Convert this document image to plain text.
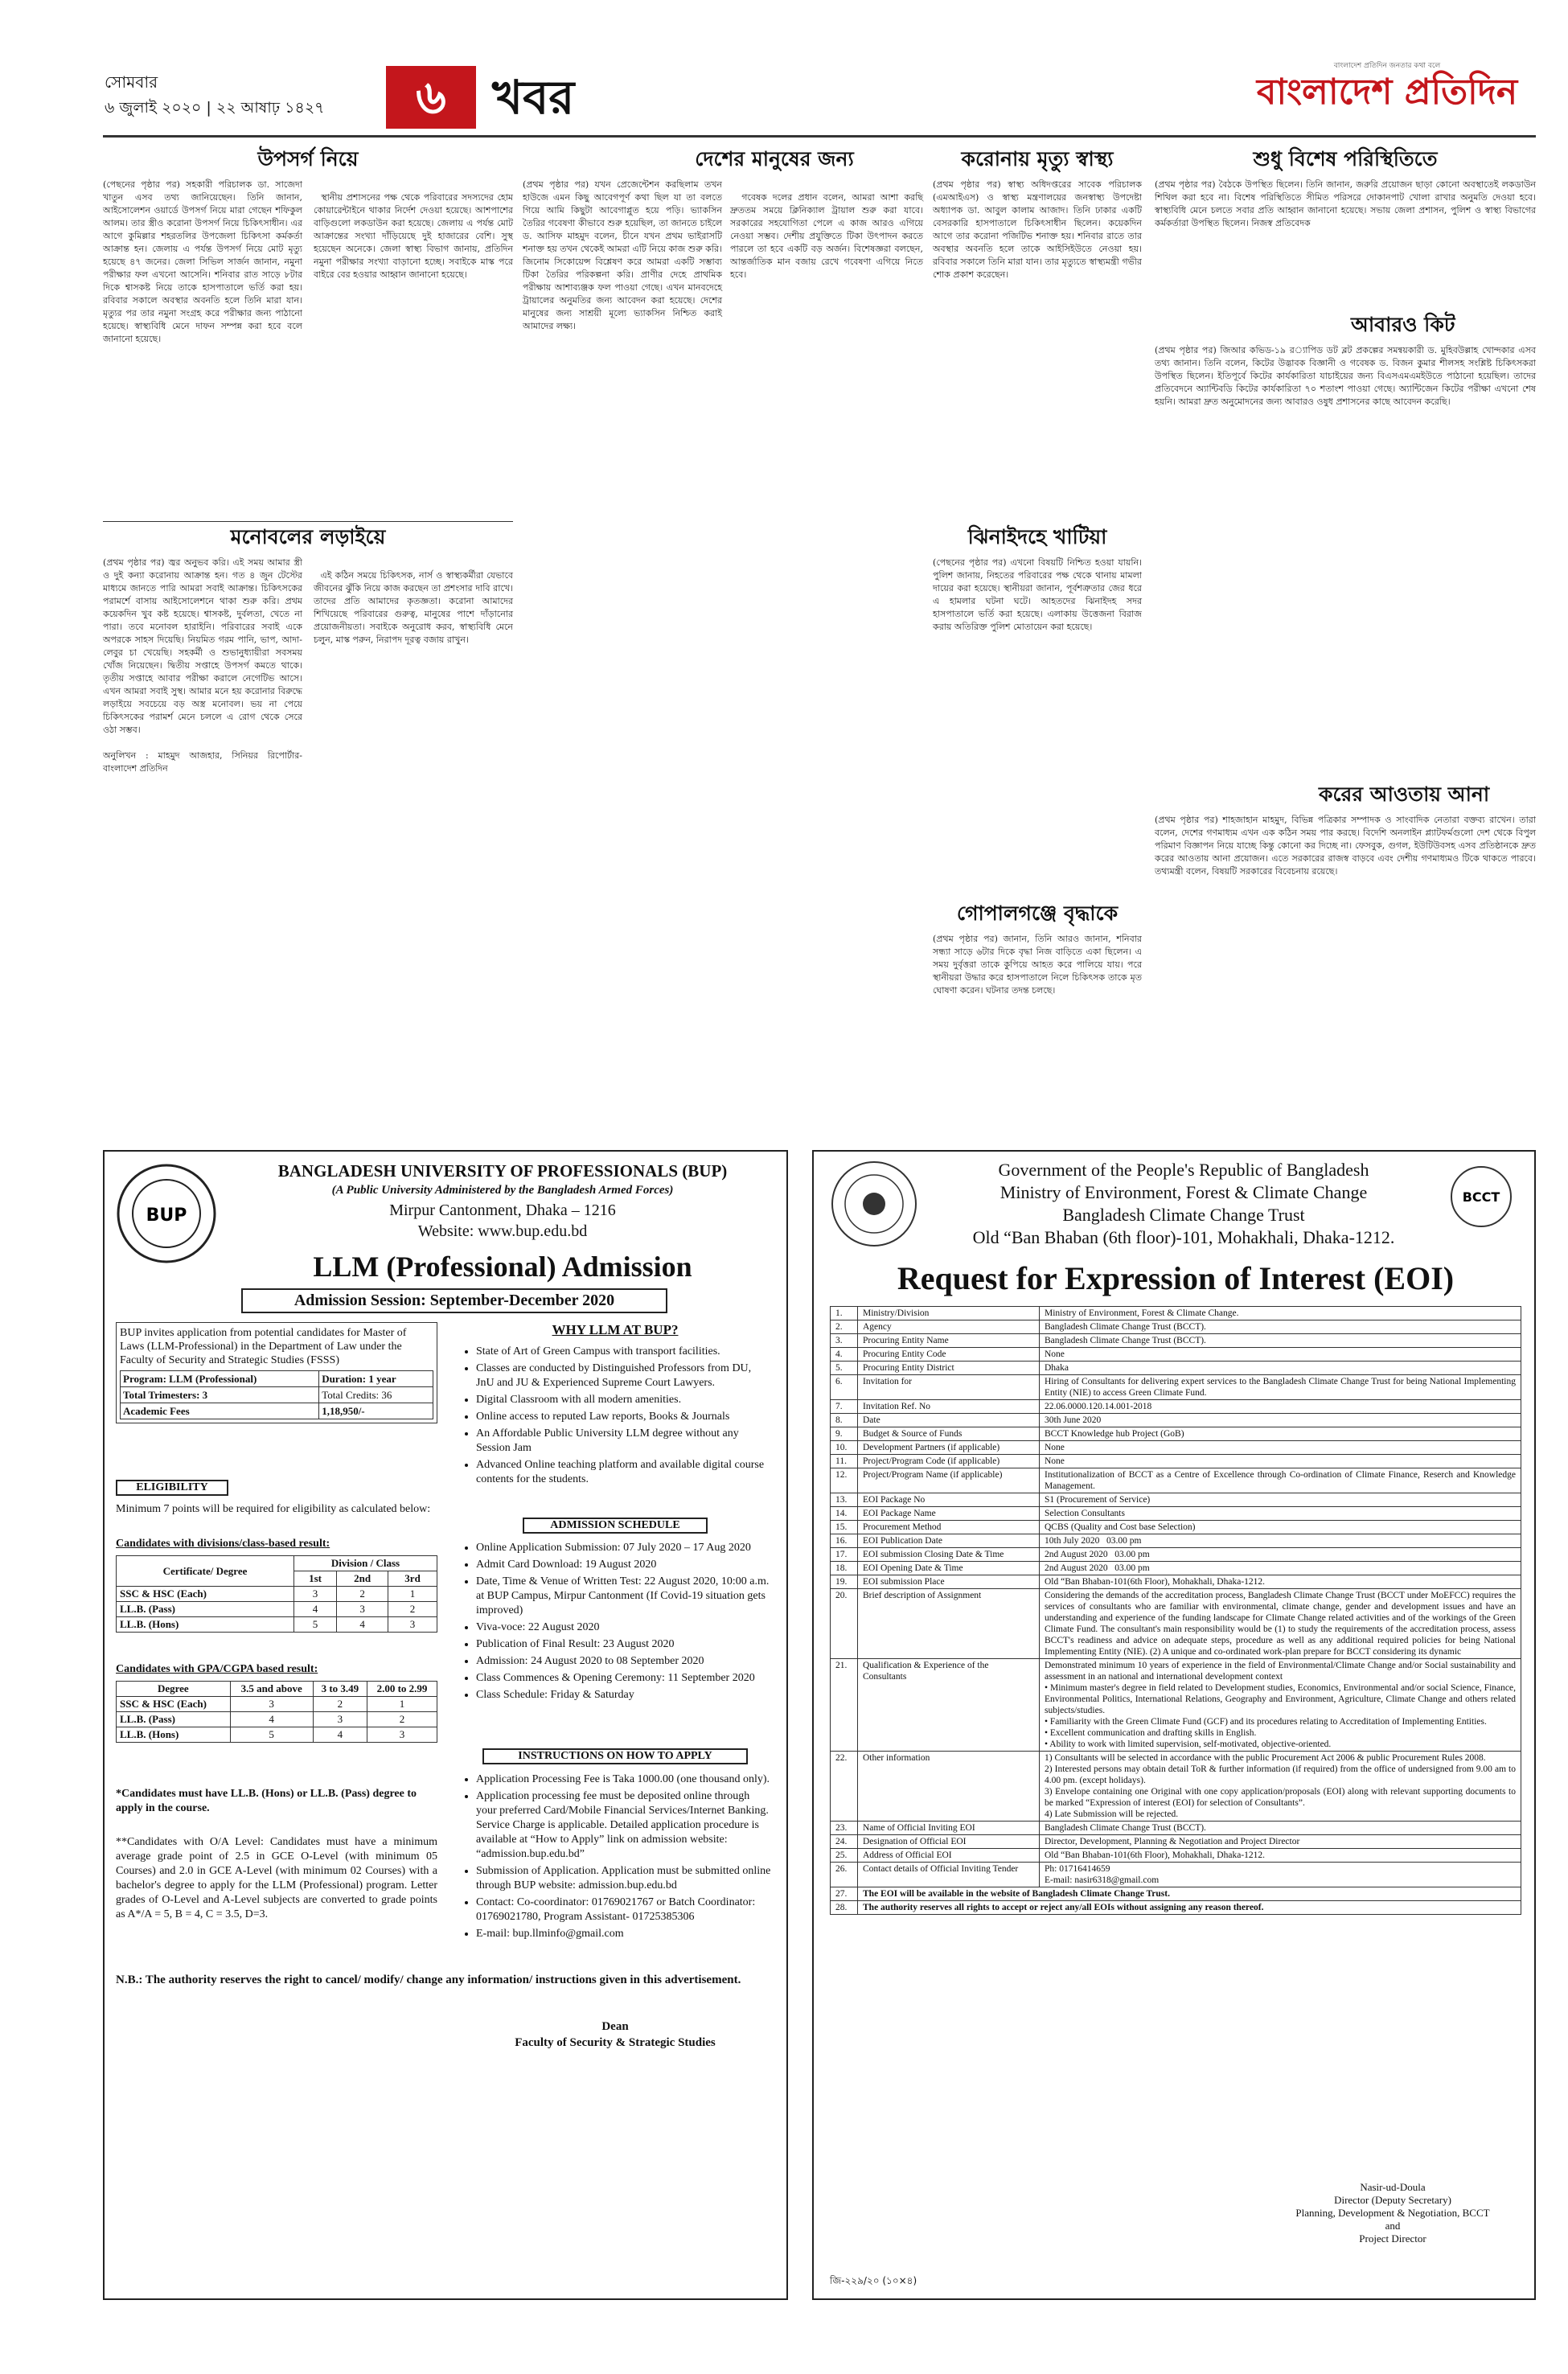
সোমবার
৬ জুলাই ২০২০ | ২২ আষাঢ় ১৪২৭	৬ খবর
বাংলাদেশ প্রতিদিন জনতার কথা বলে
বাংলাদেশ প্রতিদিন
উপসর্গ নিয়ে
(পেছনের পৃষ্ঠার পর) সহকারী পরিচালক ডা. সাজেদা খাতুন এসব তথ্য জানিয়েছেন। তিনি জানান, আইসোলেশন ওয়ার্ডে উপসর্গ নিয়ে মারা গেছেন শফিকুল আলম। তার স্ত্রীও করোনা উপসর্গ নিয়ে চিকিৎসাধীন। এর আগে কুমিল্লার শহরতলির উপজেলা চিকিৎসা কর্মকর্তা আক্রান্ত হন। জেলায় এ পর্যন্ত উপসর্গ নিয়ে মোট মৃত্যু হয়েছে ৪৭ জনের। জেলা সিভিল সার্জন জানান, নমুনা পরীক্ষার ফল এখনো আসেনি। শনিবার রাত সাড়ে ৮টার দিকে শ্বাসকষ্ট নিয়ে তাকে হাসপাতালে ভর্তি করা হয়। রবিবার সকালে অবস্থার অবনতি হলে তিনি মারা যান। মৃত্যুর পর তার নমুনা সংগ্রহ করে পরীক্ষার জন্য পাঠানো হয়েছে। স্বাস্থ্যবিধি মেনে দাফন সম্পন্ন করা হবে বলে জানানো হয়েছে।

স্থানীয় প্রশাসনের পক্ষ থেকে পরিবারের সদস্যদের হোম কোয়ারেন্টাইনে থাকার নির্দেশ দেওয়া হয়েছে। আশপাশের বাড়িগুলো লকডাউন করা হয়েছে। জেলায় এ পর্যন্ত মোট আক্রান্তের সংখ্যা দাঁড়িয়েছে দুই হাজারের বেশি। সুস্থ হয়েছেন অনেকে। জেলা স্বাস্থ্য বিভাগ জানায়, প্রতিদিন নমুনা পরীক্ষার সংখ্যা বাড়ানো হচ্ছে। সবাইকে মাস্ক পরে বাইরে বের হওয়ার আহ্বান জানানো হয়েছে।

মনোবলের লড়াইয়ে
(প্রথম পৃষ্ঠার পর) জ্বর অনুভব করি। এই সময় আমার স্ত্রী ও দুই কন্যা করোনায় আক্রান্ত হন। গত ৪ জুন টেস্টের মাধ্যমে জানতে পারি আমরা সবাই আক্রান্ত। চিকিৎসকের পরামর্শে বাসায় আইসোলেশনে থাকা শুরু করি। প্রথম কয়েকদিন খুব কষ্ট হয়েছে। শ্বাসকষ্ট, দুর্বলতা, খেতে না পারা। তবে মনোবল হারাইনি। পরিবারের সবাই একে অপরকে সাহস দিয়েছি। নিয়মিত গরম পানি, ভাপ, আদা-লেবুর চা খেয়েছি। সহকর্মী ও শুভানুধ্যায়ীরা সবসময় খোঁজ নিয়েছেন। দ্বিতীয় সপ্তাহে উপসর্গ কমতে থাকে। তৃতীয় সপ্তাহে আবার পরীক্ষা করালে নেগেটিভ আসে। এখন আমরা সবাই সুস্থ। আমার মনে হয় করোনার বিরুদ্ধে লড়াইয়ে সবচেয়ে বড় অস্ত্র মনোবল। ভয় না পেয়ে চিকিৎসকের পরামর্শ মেনে চললে এ রোগ থেকে সেরে ওঠা সম্ভব।

অনুলিখন : মাহমুদ আজহার, সিনিয়র রিপোর্টার-বাংলাদেশ প্রতিদিন

এই কঠিন সময়ে চিকিৎসক, নার্স ও স্বাস্থ্যকর্মীরা যেভাবে জীবনের ঝুঁকি নিয়ে কাজ করছেন তা প্রশংসার দাবি রাখে। তাদের প্রতি আমাদের কৃতজ্ঞতা। করোনা আমাদের শিখিয়েছে পরিবারের গুরুত্ব, মানুষের পাশে দাঁড়ানোর প্রয়োজনীয়তা। সবাইকে অনুরোধ করব, স্বাস্থ্যবিধি মেনে চলুন, মাস্ক পরুন, নিরাপদ দূরত্ব বজায় রাখুন।

দেশের মানুষের জন্য
(প্রথম পৃষ্ঠার পর) যখন প্রেজেন্টেশন করছিলাম তখন হাউজে এমন কিছু আবেগপূর্ণ কথা ছিল যা তা বলতে গিয়ে আমি কিছুটা আবেগাপ্লুত হয়ে পড়ি। ভ্যাকসিন তৈরির গবেষণা কীভাবে শুরু হয়েছিল, তা জানতে চাইলে ড. আসিফ মাহমুদ বলেন, চীনে যখন প্রথম ভাইরাসটি শনাক্ত হয় তখন থেকেই আমরা এটি নিয়ে কাজ শুরু করি। জিনোম সিকোয়েন্স বিশ্লেষণ করে আমরা একটি সম্ভাব্য টিকা তৈরির পরিকল্পনা করি। প্রাণীর দেহে প্রাথমিক পরীক্ষায় আশাব্যঞ্জক ফল পাওয়া গেছে। এখন মানবদেহে ট্রায়ালের অনুমতির জন্য আবেদন করা হয়েছে। দেশের মানুষের জন্য সাশ্রয়ী মূল্যে ভ্যাকসিন নিশ্চিত করাই আমাদের লক্ষ্য।

গবেষক দলের প্রধান বলেন, আমরা আশা করছি দ্রুততম সময়ে ক্লিনিক্যাল ট্রায়াল শুরু করা যাবে। সরকারের সহযোগিতা পেলে এ কাজ আরও এগিয়ে নেওয়া সম্ভব। দেশীয় প্রযুক্তিতে টিকা উৎপাদন করতে পারলে তা হবে একটি বড় অর্জন। বিশেষজ্ঞরা বলছেন, আন্তর্জাতিক মান বজায় রেখে গবেষণা এগিয়ে নিতে হবে।

করোনায় মৃত্যু স্বাস্থ্য
(প্রথম পৃষ্ঠার পর) স্বাস্থ্য অধিদপ্তরের সাবেক পরিচালক (এমআইএস) ও স্বাস্থ্য মন্ত্রণালয়ের জনস্বাস্থ্য উপদেষ্টা অধ্যাপক ডা. আবুল কালাম আজাদ। তিনি ঢাকার একটি বেসরকারি হাসপাতালে চিকিৎসাধীন ছিলেন। কয়েকদিন আগে তার করোনা পজিটিভ শনাক্ত হয়। শনিবার রাতে তার অবস্থার অবনতি হলে তাকে আইসিইউতে নেওয়া হয়। রবিবার সকালে তিনি মারা যান। তার মৃত্যুতে স্বাস্থ্যমন্ত্রী গভীর শোক প্রকাশ করেছেন।
ঝিনাইদহে খাটিয়া
(পেছনের পৃষ্ঠার পর) এখনো বিষয়টি নিশ্চিত হওয়া যায়নি। পুলিশ জানায়, নিহতের পরিবারের পক্ষ থেকে থানায় মামলা দায়ের করা হয়েছে। স্থানীয়রা জানান, পূর্বশত্রুতার জের ধরে এ হামলার ঘটনা ঘটে। আহতদের ঝিনাইদহ সদর হাসপাতালে ভর্তি করা হয়েছে। এলাকায় উত্তেজনা বিরাজ করায় অতিরিক্ত পুলিশ মোতায়েন করা হয়েছে।
গোপালগঞ্জে বৃদ্ধাকে
(প্রথম পৃষ্ঠার পর) জানান, তিনি আরও জানান, শনিবার সন্ধ্যা সাড়ে ৬টার দিকে বৃদ্ধা নিজ বাড়িতে একা ছিলেন। এ সময় দুর্বৃত্তরা তাকে কুপিয়ে আহত করে পালিয়ে যায়। পরে স্থানীয়রা উদ্ধার করে হাসপাতালে নিলে চিকিৎসক তাকে মৃত ঘোষণা করেন। ঘটনার তদন্ত চলছে।
শুধু বিশেষ পরিস্থিতিতে
(প্রথম পৃষ্ঠার পর) বৈঠকে উপস্থিত ছিলেন। তিনি জানান, জরুরি প্রয়োজন ছাড়া কোনো অবস্থাতেই লকডাউন শিথিল করা হবে না। বিশেষ পরিস্থিতিতে সীমিত পরিসরে দোকানপাট খোলা রাখার অনুমতি দেওয়া হবে। স্বাস্থ্যবিধি মেনে চলতে সবার প্রতি আহ্বান জানানো হয়েছে। সভায় জেলা প্রশাসন, পুলিশ ও স্বাস্থ্য বিভাগের কর্মকর্তারা উপস্থিত ছিলেন। নিজস্ব প্রতিবেদক
আবারও কিট
(প্রথম পৃষ্ঠার পর) জিআর কভিড-১৯ র‌্যাপিড ডট ব্লট প্রকল্পের সমন্বয়কারী ড. মুহিবউল্লাহ খোন্দকার এসব তথ্য জানান। তিনি বলেন, কিটের উদ্ভাবক বিজ্ঞানী ও গবেষক ড. বিজন কুমার শীলসহ সংশ্লিষ্ট চিকিৎসকরা উপস্থিত ছিলেন। ইতিপূর্বে কিটের কার্যকারিতা যাচাইয়ের জন্য বিএসএমএমইউতে পাঠানো হয়েছিল। তাদের প্রতিবেদনে অ্যান্টিবডি কিটের কার্যকারিতা ৭০ শতাংশ পাওয়া গেছে। অ্যান্টিজেন কিটের পরীক্ষা এখনো শেষ হয়নি। আমরা দ্রুত অনুমোদনের জন্য আবারও ওষুধ প্রশাসনের কাছে আবেদন করেছি।
করের আওতায় আনা
(প্রথম পৃষ্ঠার পর) শাহজাহান মাহমুদ, বিভিন্ন পত্রিকার সম্পাদক ও সাংবাদিক নেতারা বক্তব্য রাখেন। তারা বলেন, দেশের গণমাধ্যম এখন এক কঠিন সময় পার করছে। বিদেশি অনলাইন প্ল্যাটফর্মগুলো দেশ থেকে বিপুল পরিমাণ বিজ্ঞাপন নিয়ে যাচ্ছে কিন্তু কোনো কর দিচ্ছে না। ফেসবুক, গুগল, ইউটিউবসহ এসব প্রতিষ্ঠানকে দ্রুত করের আওতায় আনা প্রয়োজন। এতে সরকারের রাজস্ব বাড়বে এবং দেশীয় গণমাধ্যমও টিকে থাকতে পারবে। তথ্যমন্ত্রী বলেন, বিষয়টি সরকারের বিবেচনায় রয়েছে।
BUP
BANGLADESH UNIVERSITY OF PROFESSIONALS (BUP)
(A Public University Administered by the Bangladesh Armed Forces)
Mirpur Cantonment, Dhaka – 1216
Website: www.bup.edu.bd
LLM (Professional) Admission
Admission Session: September-December 2020
BUP invites application from potential candidates for Master of Laws (LLM-Professional) in the Department of Law under the Faculty of Security and Strategic Studies (FSSS)
Program: LLM (Professional)	Duration: 1 year
Total Trimesters: 3	Total Credits: 36
Academic Fees	1,18,950/-
ELIGIBILITY
Minimum 7 points will be required for eligibility as calculated below:
Candidates with divisions/class-based result:
Certificate/ Degree	Division / Class		
	1st	2nd	3rd
SSC & HSC (Each)	3	2	1
LL.B. (Pass)	4	3	2
LL.B. (Hons)	5	4	3
Candidates with GPA/CGPA based result:
Degree	3.5 and above	3 to 3.49	2.00 to 2.99
SSC & HSC (Each)	3	2	1
LL.B. (Pass)	4	3	2
LL.B. (Hons)	5	4	3
*Candidates must have LL.B. (Hons) or LL.B. (Pass) degree to apply in the course.
**Candidates with O/A Level: Candidates must have a minimum average grade point of 2.5 in GCE O-Level (with minimum 05 Courses) and 2.0 in GCE A-Level (with minimum 02 Courses) with a bachelor's degree to apply for the LLM (Professional) program. Letter grades of O-Level and A-Level subjects are converted to grade points as A*/A = 5, B = 4, C = 3.5, D=3.
N.B.: The authority reserves the right to cancel/ modify/ change any information/ instructions given in this advertisement.
WHY LLM AT BUP?
• State of Art of Green Campus with transport facilities.
• Classes are conducted by Distinguished Professors from DU, JnU and JU & Experienced Supreme Court Lawyers.
• Digital Classroom with all modern amenities.
• Online access to reputed Law reports, Books & Journals
• An Affordable Public University LLM degree without any Session Jam
• Advanced Online teaching platform and available digital course contents for the students.
ADMISSION SCHEDULE
• Online Application Submission: 07 July 2020 – 17 Aug 2020
• Admit Card Download: 19 August 2020
• Date, Time & Venue of Written Test: 22 August 2020, 10:00 a.m. at BUP Campus, Mirpur Cantonment (If Covid-19 situation gets improved)
• Viva-voce: 22 August 2020
• Publication of Final Result: 23 August 2020
• Admission: 24 August 2020 to 08 September 2020
• Class Commences & Opening Ceremony: 11 September 2020
• Class Schedule: Friday & Saturday
INSTRUCTIONS ON HOW TO APPLY
• Application Processing Fee is Taka 1000.00 (one thousand only).
• Application processing fee must be deposited online through your preferred Card/Mobile Financial Services/Internet Banking. Service Charge is applicable. Detailed application procedure is available at “How to Apply” link on admission website: “admission.bup.edu.bd”
• Submission of Application. Application must be submitted online through BUP website: admission.bup.edu.bd
• Contact: Co-coordinator: 01769021767 or Batch Coordinator: 01769021780, Program Assistant- 01725385306
• E-mail: bup.llminfo@gmail.com
Dean
Faculty of Security & Strategic Studies
BCCT
Government of the People's Republic of Bangladesh
Ministry of Environment, Forest & Climate Change
Bangladesh Climate Change Trust
Old “Ban Bhaban (6th floor)-101, Mohakhali, Dhaka-1212.
Request for Expression of Interest (EOI)
1.	Ministry/Division	Ministry of Environment, Forest & Climate Change.
2.	Agency	Bangladesh Climate Change Trust (BCCT).
3.	Procuring Entity Name	Bangladesh Climate Change Trust (BCCT).
4.	Procuring Entity Code	None
5.	Procuring Entity District	Dhaka
6.	Invitation for	Hiring of Consultants for delivering expert services to the Bangladesh Climate Change Trust for being National Implementing Entity (NIE) to access Green Climate Fund.
7.	Invitation Ref. No	22.06.0000.120.14.001-2018
8.	Date	30th June 2020
9.	Budget & Source of Funds	BCCT Knowledge hub Project (GoB)
10.	Development Partners (if applicable)	None
11.	Project/Program Code (if applicable)	None
12.	Project/Program Name (if applicable)	Institutionalization of BCCT as a Centre of Excellence through Co-ordination of Climate Finance, Reserch and Knowledge Management.
13.	EOI Package No	S1 (Procurement of Service)
14.	EOI Package Name	Selection Consultants
15.	Procurement Method	QCBS (Quality and Cost base Selection)
16.	EOI Publication Date	10th July 2020   03.00 pm
17.	EOI submission Closing Date & Time	2nd August 2020   03.00 pm
18.	EOI Opening Date & Time	2nd August 2020   03.00 pm
19.	EOI submission Place	Old “Ban Bhaban-101(6th Floor), Mohakhali, Dhaka-1212.
20.	Brief description of Assignment	Considering the demands of the accreditation process, Bangladesh Climate Change Trust (BCCT under MoEFCC) requires the services of consultants who are familiar with environmental, climate change, gender and development issues and have an understanding and experience of the funding landscape for Climate Change related activities and of the workings of the Green Climate Fund. The consultant's main responsibility would be (1) to study the requirements of the accreditation process, assess BCCT's readiness and advice on adequate steps, procedure as well as any additional required policies for being National Implementing Entity (NIE). (2) A unique and co-ordinated work-plan prepare for BCCT considering its dynamic
21.	Qualification & Experience of the Consultants	Demonstrated minimum 10 years of experience in the field of Environmental/Climate Change and/or Social sustainability and assessment in an national and international development context
• Minimum master's degree in field related to Development studies, Economics, Environmental and/or social Science, Finance, Environmental Politics, International Relations, Geography and Environment, Agriculture, Climate Change and others related subjects/studies.
• Familiarity with the Green Climate Fund (GCF) and its procedures relating to Accreditation of Implementing Entities.
• Excellent communication and drafting skills in English.
• Ability to work with limited supervision, self-motivated, objective-oriented.
22.	Other information	1) Consultants will be selected in accordance with the public Procurement Act 2006 & public Procurement Rules 2008.
2) Interested persons may obtain detail ToR & further information (if required) from the office of undersigned from 9.00 am to 4.00 pm. (except holidays).
3) Envelope containing one Original with one copy application/proposals (EOI) along with relevant supporting documents to be marked “Expression of interest (EOI) for selection of Consultants”.
4) Late Submission will be rejected.
23.	Name of Official Inviting EOI	Bangladesh Climate Change Trust (BCCT).
24.	Designation of Official EOI	Director, Development, Planning & Negotiation and Project Director
25.	Address of Official EOI	Old “Ban Bhaban-101(6th Floor), Mohakhali, Dhaka-1212.
26.	Contact details of Official Inviting Tender	Ph: 01716414659
E-mail: nasir6318@gmail.com
27.	The EOI will be available in the website of Bangladesh Climate Change Trust.	
28.	The authority reserves all rights to accept or reject any/all EOIs without assigning any reason thereof.	
Nasir-ud-Doula
Director (Deputy Secretary)
Planning, Development & Negotiation, BCCT
and
Project Director
জি-২২৯/২০ (১০×৪)
